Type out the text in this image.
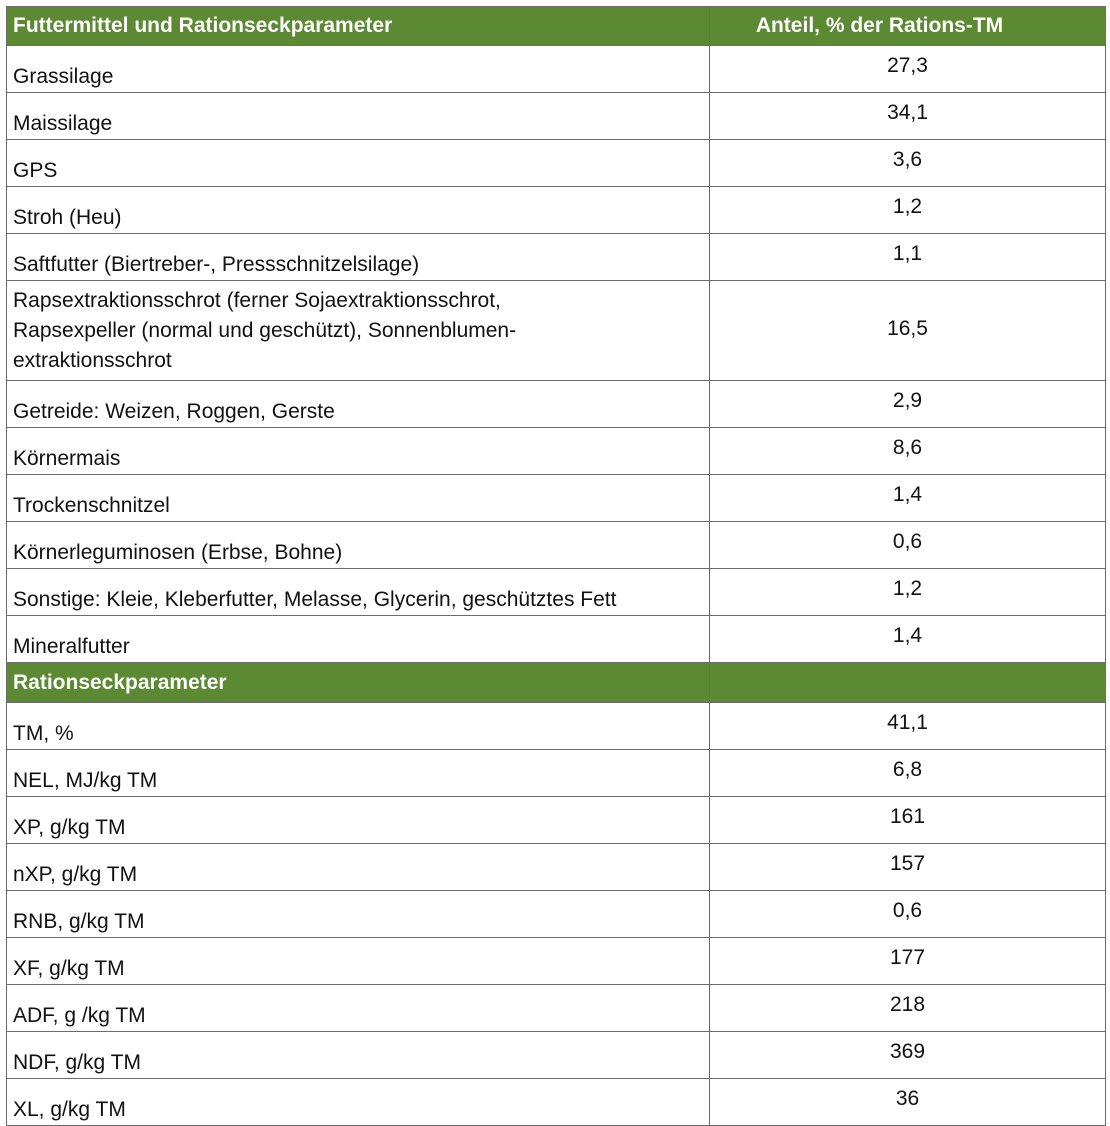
Futtermittel und Rationseckparameter	Anteil, % der Rations-TM
Grassilage	27,3
Maissilage	34,1
GPS	3,6
Stroh (Heu)	1,2
Saftfutter (Biertreber-, Pressschnitzelsilage)	1,1
Rapsextraktionsschrot (ferner Sojaextraktionsschrot,
Rapsexpeller (normal und geschützt), Sonnenblumen-
extraktionsschrot	16,5
Getreide: Weizen, Roggen, Gerste	2,9
Körnermais	8,6
Trockenschnitzel	1,4
Körnerleguminosen (Erbse, Bohne)	0,6
Sonstige: Kleie, Kleberfutter, Melasse, Glycerin, geschütztes Fett	1,2
Mineralfutter	1,4
Rationseckparameter	
TM, %	41,1
NEL, MJ/kg TM	6,8
XP, g/kg TM	161
nXP, g/kg TM	157
RNB, g/kg TM	0,6
XF, g/kg TM	177
ADF, g /kg TM	218
NDF, g/kg TM	369
XL, g/kg TM	36
